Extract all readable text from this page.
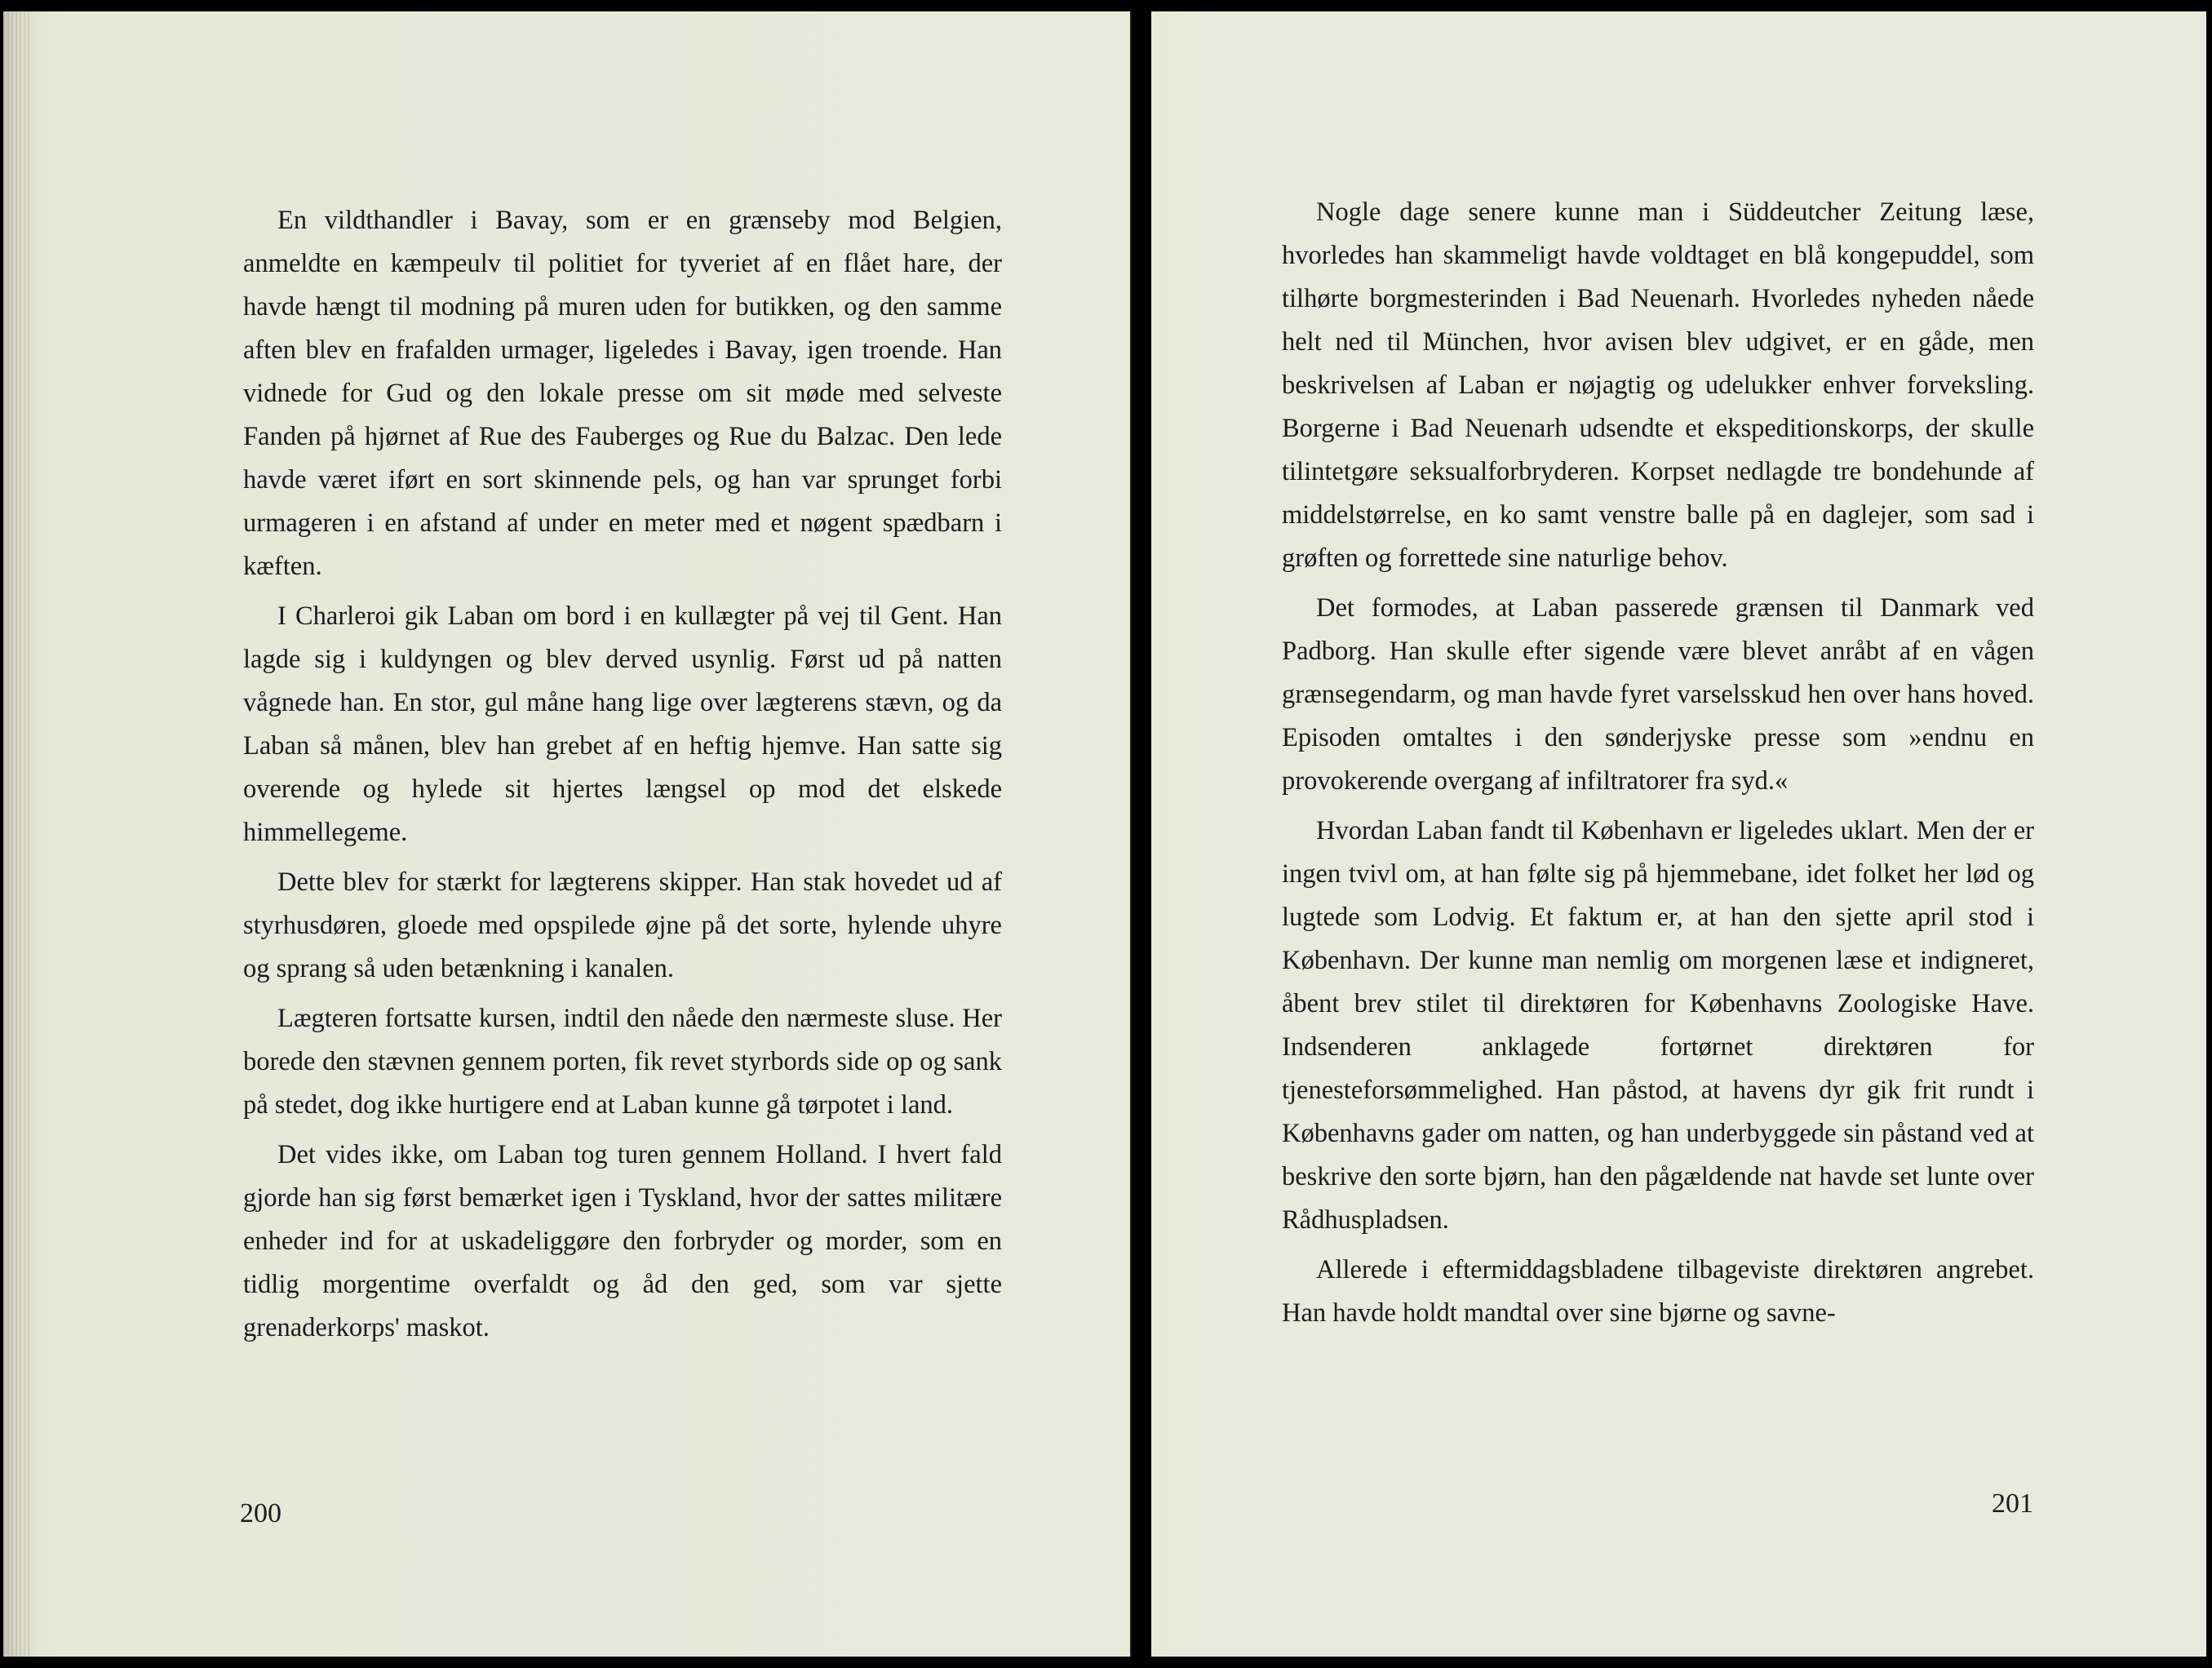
En vildthandler i Bavay, som er en grænseby mod Belgien, anmeldte en kæmpeulv til politiet for tyveriet af en flået hare, der havde hængt til modning på muren uden for butikken, og den samme aften blev en frafalden urmager, ligeledes i Bavay, igen troende. Han vidnede for Gud og den lokale presse om sit møde med selveste Fanden på hjørnet af Rue des Fauberges og Rue du Balzac. Den lede havde været iført en sort skinnende pels, og han var sprunget forbi urmageren i en afstand af under en meter med et nøgent spædbarn i kæften.

I Charleroi gik Laban om bord i en kullægter på vej til Gent. Han lagde sig i kuldyngen og blev derved usynlig. Først ud på natten vågnede han. En stor, gul måne hang lige over lægterens stævn, og da Laban så månen, blev han grebet af en heftig hjemve. Han satte sig overende og hylede sit hjertes længsel op mod det elskede himmellegeme.

Dette blev for stærkt for lægterens skipper. Han stak hovedet ud af styrhusdøren, gloede med opspilede øjne på det sorte, hylende uhyre og sprang så uden betænkning i kanalen.

Lægteren fortsatte kursen, indtil den nåede den nærmeste sluse. Her borede den stævnen gennem porten, fik revet styrbords side op og sank på stedet, dog ikke hurtigere end at Laban kunne gå tørpotet i land.

Det vides ikke, om Laban tog turen gennem Holland. I hvert fald gjorde han sig først bemærket igen i Tyskland, hvor der sattes militære enheder ind for at uskadeliggøre den forbryder og morder, som en tidlig morgentime overfaldt og åd den ged, som var sjette grenaderkorps' maskot.

200

Nogle dage senere kunne man i Süddeutcher Zeitung læse, hvorledes han skammeligt havde voldtaget en blå kongepuddel, som tilhørte borgmesterinden i Bad Neuenarh. Hvorledes nyheden nåede helt ned til München, hvor avisen blev udgivet, er en gåde, men beskrivelsen af Laban er nøjagtig og udelukker enhver forveksling. Borgerne i Bad Neuenarh udsendte et ekspeditionskorps, der skulle tilintetgøre seksualforbryderen. Korpset nedlagde tre bondehunde af middelstørrelse, en ko samt venstre balle på en daglejer, som sad i grøften og forrettede sine naturlige behov.

Det formodes, at Laban passerede grænsen til Danmark ved Padborg. Han skulle efter sigende være blevet anråbt af en vågen grænsegendarm, og man havde fyret varselsskud hen over hans hoved. Episoden omtaltes i den sønderjyske presse som »endnu en provokerende overgang af infiltratorer fra syd.«

Hvordan Laban fandt til København er ligeledes uklart. Men der er ingen tvivl om, at han følte sig på hjemmebane, idet folket her lød og lugtede som Lodvig. Et faktum er, at han den sjette april stod i København. Der kunne man nemlig om morgenen læse et indigneret, åbent brev stilet til direktøren for Københavns Zoologiske Have. Indsenderen anklagede fortørnet direktøren for tjenesteforsømmelighed. Han påstod, at havens dyr gik frit rundt i Københavns gader om natten, og han underbyggede sin påstand ved at beskrive den sorte bjørn, han den pågældende nat havde set lunte over Rådhuspladsen.

Allerede i eftermiddagsbladene tilbageviste direktøren angrebet. Han havde holdt mandtal over sine bjørne og savne-

201
